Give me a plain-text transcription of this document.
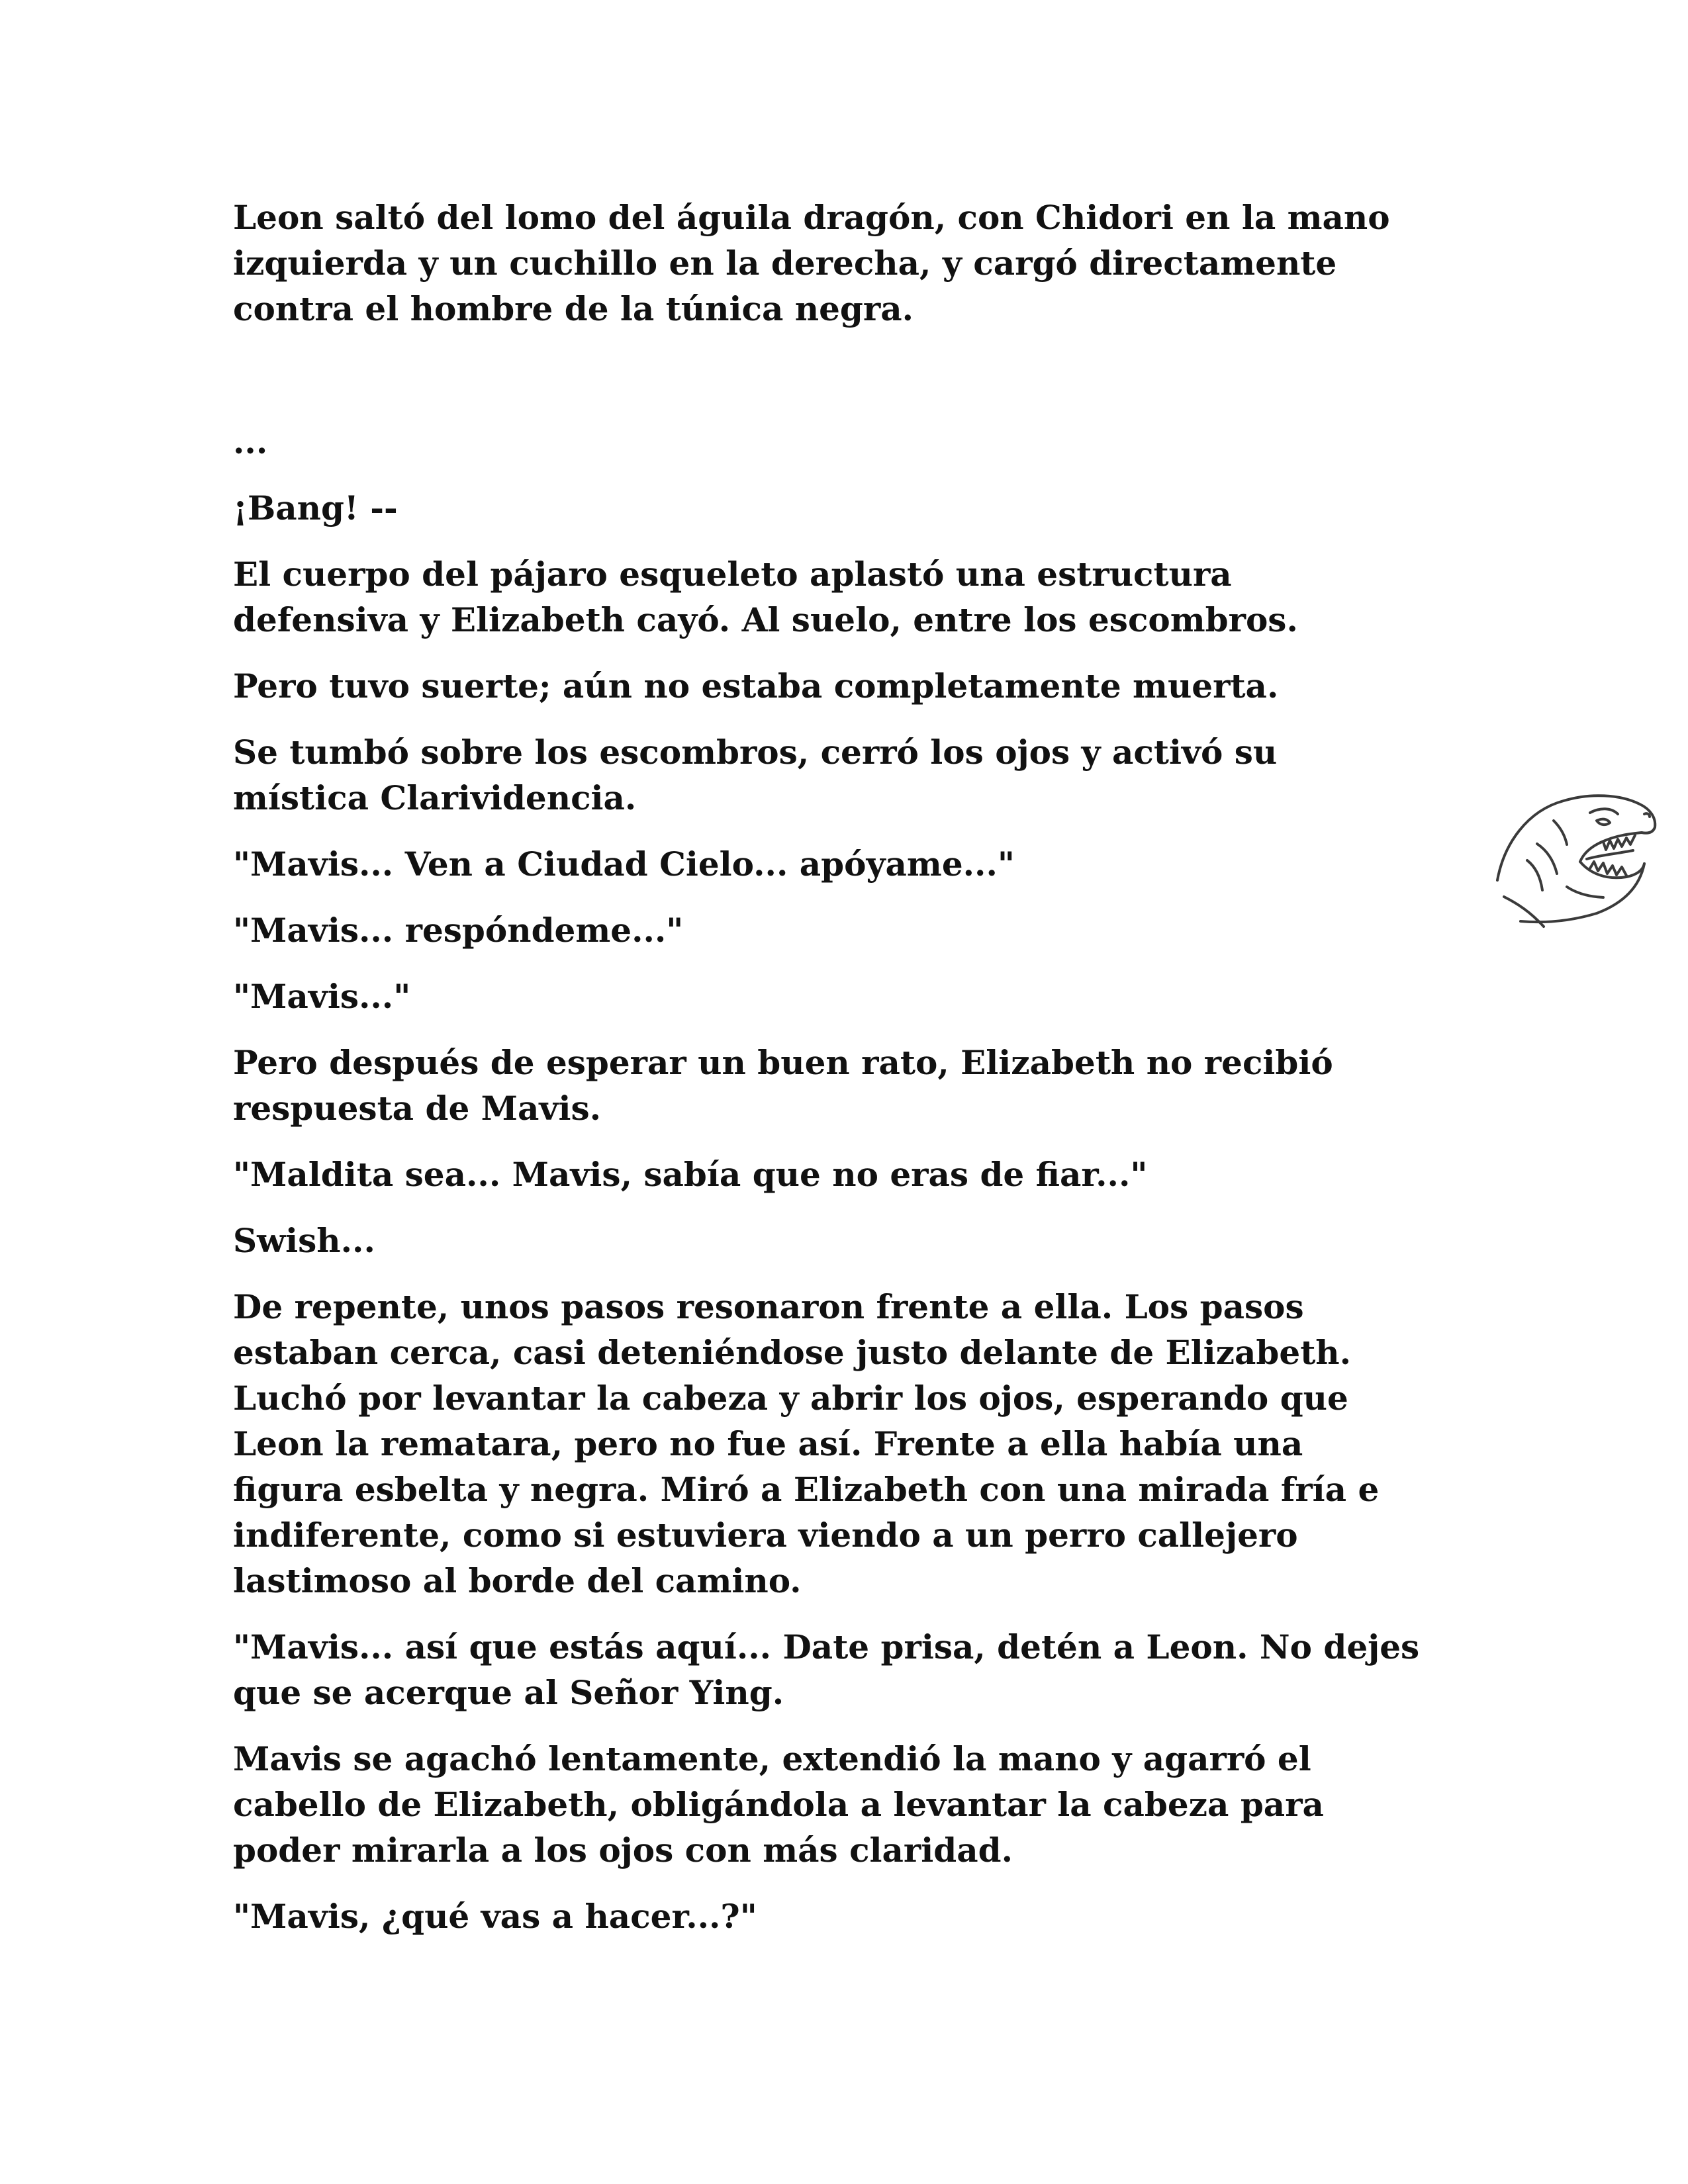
Leon saltó del lomo del águila dragón, con Chidori en la mano
izquierda y un cuchillo en la derecha, y cargó directamente
contra el hombre de la túnica negra.

...

¡Bang! --

El cuerpo del pájaro esqueleto aplastó una estructura
defensiva y Elizabeth cayó. Al suelo, entre los escombros.

Pero tuvo suerte; aún no estaba completamente muerta.

Se tumbó sobre los escombros, cerró los ojos y activó su
mística Clarividencia.

"Mavis... Ven a Ciudad Cielo... apóyame..."

"Mavis... respóndeme..."

"Mavis..."

Pero después de esperar un buen rato, Elizabeth no recibió
respuesta de Mavis.

"Maldita sea... Mavis, sabía que no eras de fiar..."

Swish...

De repente, unos pasos resonaron frente a ella. Los pasos
estaban cerca, casi deteniéndose justo delante de Elizabeth.
Luchó por levantar la cabeza y abrir los ojos, esperando que
Leon la rematara, pero no fue así. Frente a ella había una
figura esbelta y negra. Miró a Elizabeth con una mirada fría e
indiferente, como si estuviera viendo a un perro callejero
lastimoso al borde del camino.

"Mavis... así que estás aquí... Date prisa, detén a Leon. No dejes
que se acerque al Señor Ying.

Mavis se agachó lentamente, extendió la mano y agarró el
cabello de Elizabeth, obligándola a levantar la cabeza para
poder mirarla a los ojos con más claridad.

"Mavis, ¿qué vas a hacer...?"
